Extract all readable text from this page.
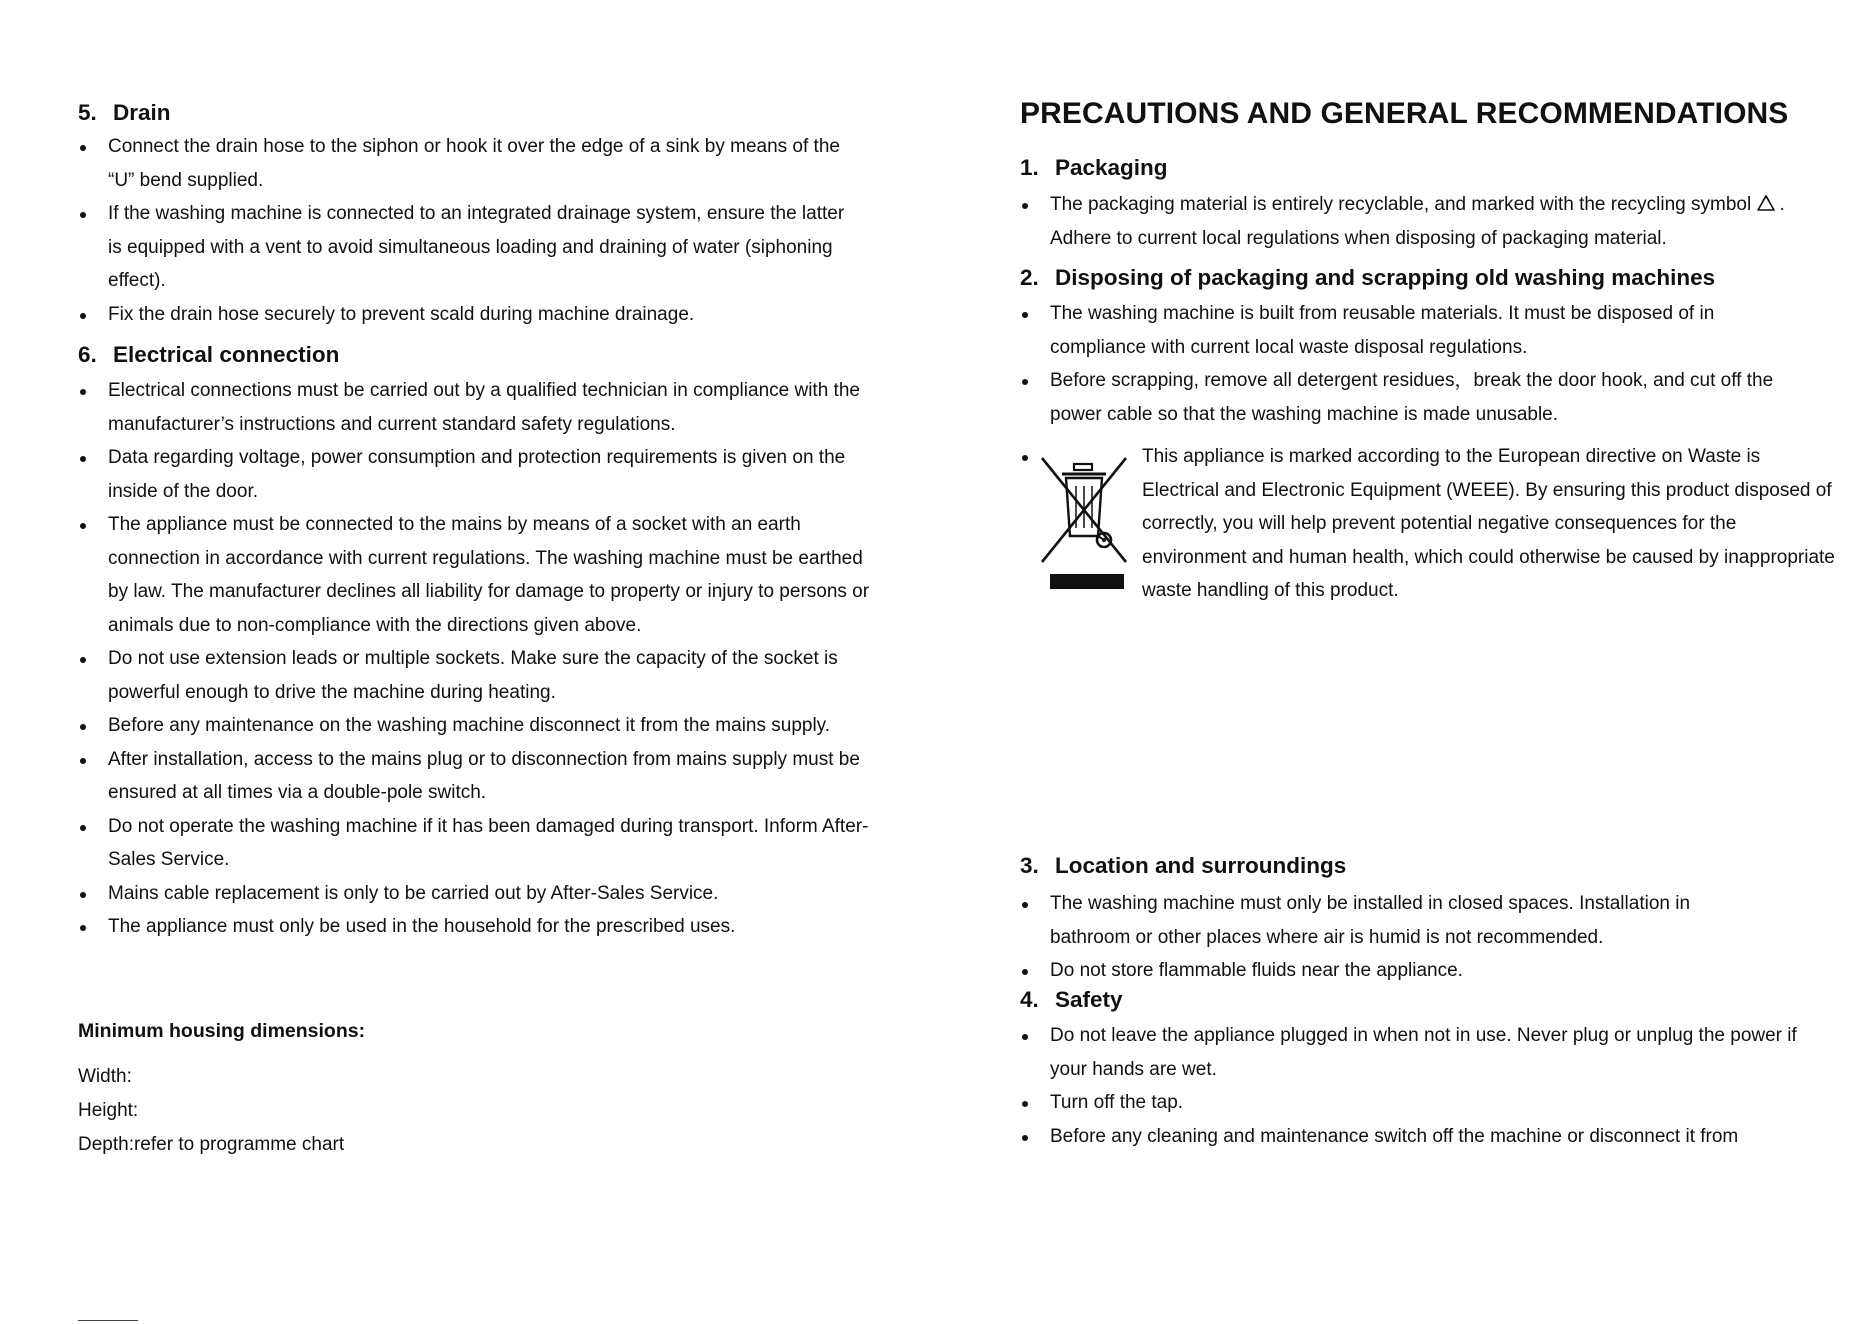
5. Drain
Connect the drain hose to the siphon or hook it over the edge of a sink by means of the “U” bend supplied.
If the washing machine is connected to an integrated drainage system, ensure the latter is equipped with a vent to avoid simultaneous loading and draining of water (siphoning effect).
Fix the drain hose securely to prevent scald during machine drainage.
6. Electrical connection
Electrical connections must be carried out by a qualified technician in compliance with the manufacturer’s instructions and current standard safety regulations.
Data regarding voltage, power consumption and protection requirements is given on the inside of the door.
The appliance must be connected to the mains by means of a socket with an earth connection in accordance with current regulations. The washing machine must be earthed by law. The manufacturer declines all liability for damage to property or injury to persons or animals due to non-compliance with the directions given above.
Do not use extension leads or multiple sockets. Make sure the capacity of the socket is powerful enough to drive the machine during heating.
Before any maintenance on the washing machine disconnect it from the mains supply.
After installation, access to the mains plug or to disconnection from mains supply must be ensured at all times via a double-pole switch.
Do not operate the washing machine if it has been damaged during transport. Inform After-Sales Service.
Mains cable replacement is only to be carried out by After-Sales Service.
The appliance must only be used in the household for the prescribed uses.
Minimum housing dimensions:
Width:
Height:
Depth:refer to programme chart
PRECAUTIONS AND GENERAL RECOMMENDATIONS
1. Packaging
The packaging material is entirely recyclable, and marked with the recycling symbol . Adhere to current local regulations when disposing of packaging material.
2. Disposing of packaging and scrapping old washing machines
The washing machine is built from reusable materials. It must be disposed of in compliance with current local waste disposal regulations.
Before scrapping, remove all detergent residues，break the door hook, and cut off the power cable so that the washing machine is made unusable.

This appliance is marked according to the European directive on Waste is Electrical and Electronic Equipment (WEEE). By ensuring this product disposed of correctly, you will help prevent potential negative consequences for the environment and human health, which could otherwise be caused by inappropriate waste handling of this product.

3. Location and surroundings
The washing machine must only be installed in closed spaces. Installation in bathroom or other places where air is humid is not recommended.
Do not store flammable fluids near the appliance.
4. Safety
Do not leave the appliance plugged in when not in use. Never plug or unplug the power if your hands are wet.
Turn off the tap.
Before any cleaning and maintenance switch off the machine or disconnect it from
